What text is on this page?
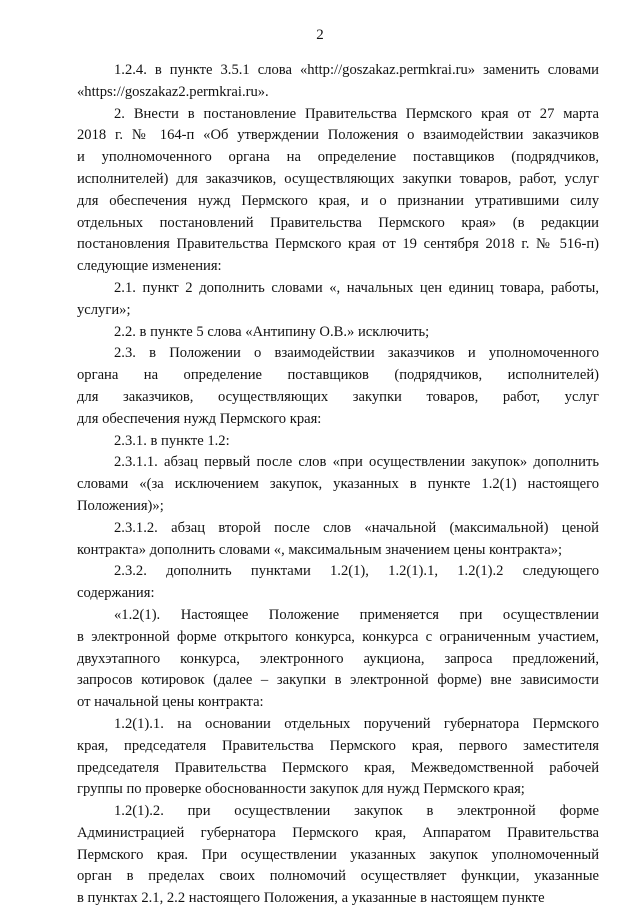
2
1.2.4. в пункте 3.5.1 слова «http://goszakaz.permkrai.ru» заменить словами
«https://goszakaz2.permkrai.ru».
2. Внести в постановление Правительства Пермского края от 27 марта
2018 г. № 164-п «Об утверждении Положения о взаимодействии заказчиков
и уполномоченного органа на определение поставщиков (подрядчиков,
исполнителей) для заказчиков, осуществляющих закупки товаров, работ, услуг
для обеспечения нужд Пермского края, и о признании утратившими силу
отдельных постановлений Правительства Пермского края» (в редакции
постановления Правительства Пермского края от 19 сентября 2018 г. № 516-п)
следующие изменения:
2.1. пункт 2 дополнить словами «, начальных цен единиц товара, работы,
услуги»;
2.2. в пункте 5 слова «Антипину О.В.» исключить;
2.3. в Положении о взаимодействии заказчиков и уполномоченного
органа на определение поставщиков (подрядчиков, исполнителей)
для заказчиков, осуществляющих закупки товаров, работ, услуг
для обеспечения нужд Пермского края:
2.3.1. в пункте 1.2:
2.3.1.1. абзац первый после слов «при осуществлении закупок» дополнить
словами «(за исключением закупок, указанных в пункте 1.2(1) настоящего
Положения)»;
2.3.1.2. абзац второй после слов «начальной (максимальной) ценой
контракта» дополнить словами «, максимальным значением цены контракта»;
2.3.2. дополнить пунктами 1.2(1), 1.2(1).1, 1.2(1).2 следующего
содержания:
«1.2(1). Настоящее Положение применяется при осуществлении
в электронной форме открытого конкурса, конкурса с ограниченным участием,
двухэтапного конкурса, электронного аукциона, запроса предложений,
запросов котировок (далее – закупки в электронной форме) вне зависимости
от начальной цены контракта:
1.2(1).1. на основании отдельных поручений губернатора Пермского
края, председателя Правительства Пермского края, первого заместителя
председателя Правительства Пермского края, Межведомственной рабочей
группы по проверке обоснованности закупок для нужд Пермского края;
1.2(1).2. при осуществлении закупок в электронной форме
Администрацией губернатора Пермского края, Аппаратом Правительства
Пермского края. При осуществлении указанных закупок уполномоченный
орган в пределах своих полномочий осуществляет функции, указанные
в пунктах 2.1, 2.2 настоящего Положения, а указанные в настоящем пункте
